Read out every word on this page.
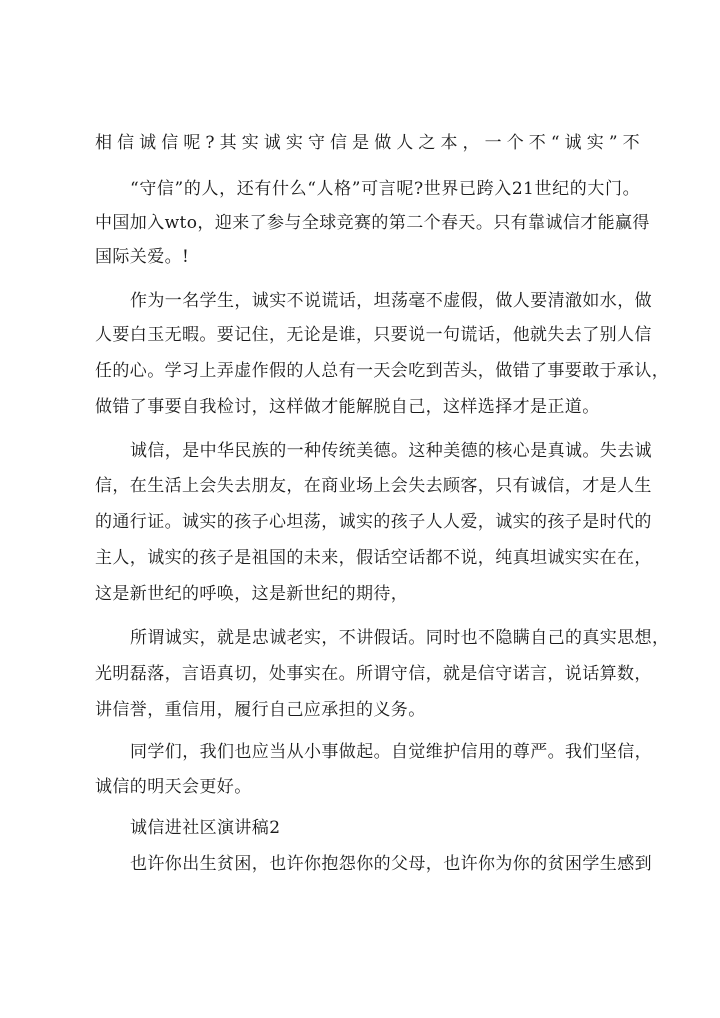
相信诚信呢?其实诚实守信是做人之本，一个不“诚实”不
“守信”的人，还有什么“人格”可言呢?世界已跨入21世纪的大门。
中国加入wto，迎来了参与全球竞赛的第二个春天。只有靠诚信才能赢得
国际关爱。!
作为一名学生，诚实不说谎话，坦荡毫不虚假，做人要清澈如水，做
人要白玉无暇。要记住，无论是谁，只要说一句谎话，他就失去了别人信
任的心。学习上弄虚作假的人总有一天会吃到苦头，做错了事要敢于承认，
做错了事要自我检讨，这样做才能解脱自己，这样选择才是正道。
诚信，是中华民族的一种传统美德。这种美德的核心是真诚。失去诚
信，在生活上会失去朋友，在商业场上会失去顾客，只有诚信，才是人生
的通行证。诚实的孩子心坦荡，诚实的孩子人人爱，诚实的孩子是时代的
主人，诚实的孩子是祖国的未来，假话空话都不说，纯真坦诚实实在在，
这是新世纪的呼唤，这是新世纪的期待，
所谓诚实，就是忠诚老实，不讲假话。同时也不隐瞒自己的真实思想，
光明磊落，言语真切，处事实在。所谓守信，就是信守诺言，说话算数，
讲信誉，重信用，履行自己应承担的义务。
同学们，我们也应当从小事做起。自觉维护信用的尊严。我们坚信，
诚信的明天会更好。
诚信进社区演讲稿2
也许你出生贫困，也许你抱怨你的父母，也许你为你的贫困学生感到
